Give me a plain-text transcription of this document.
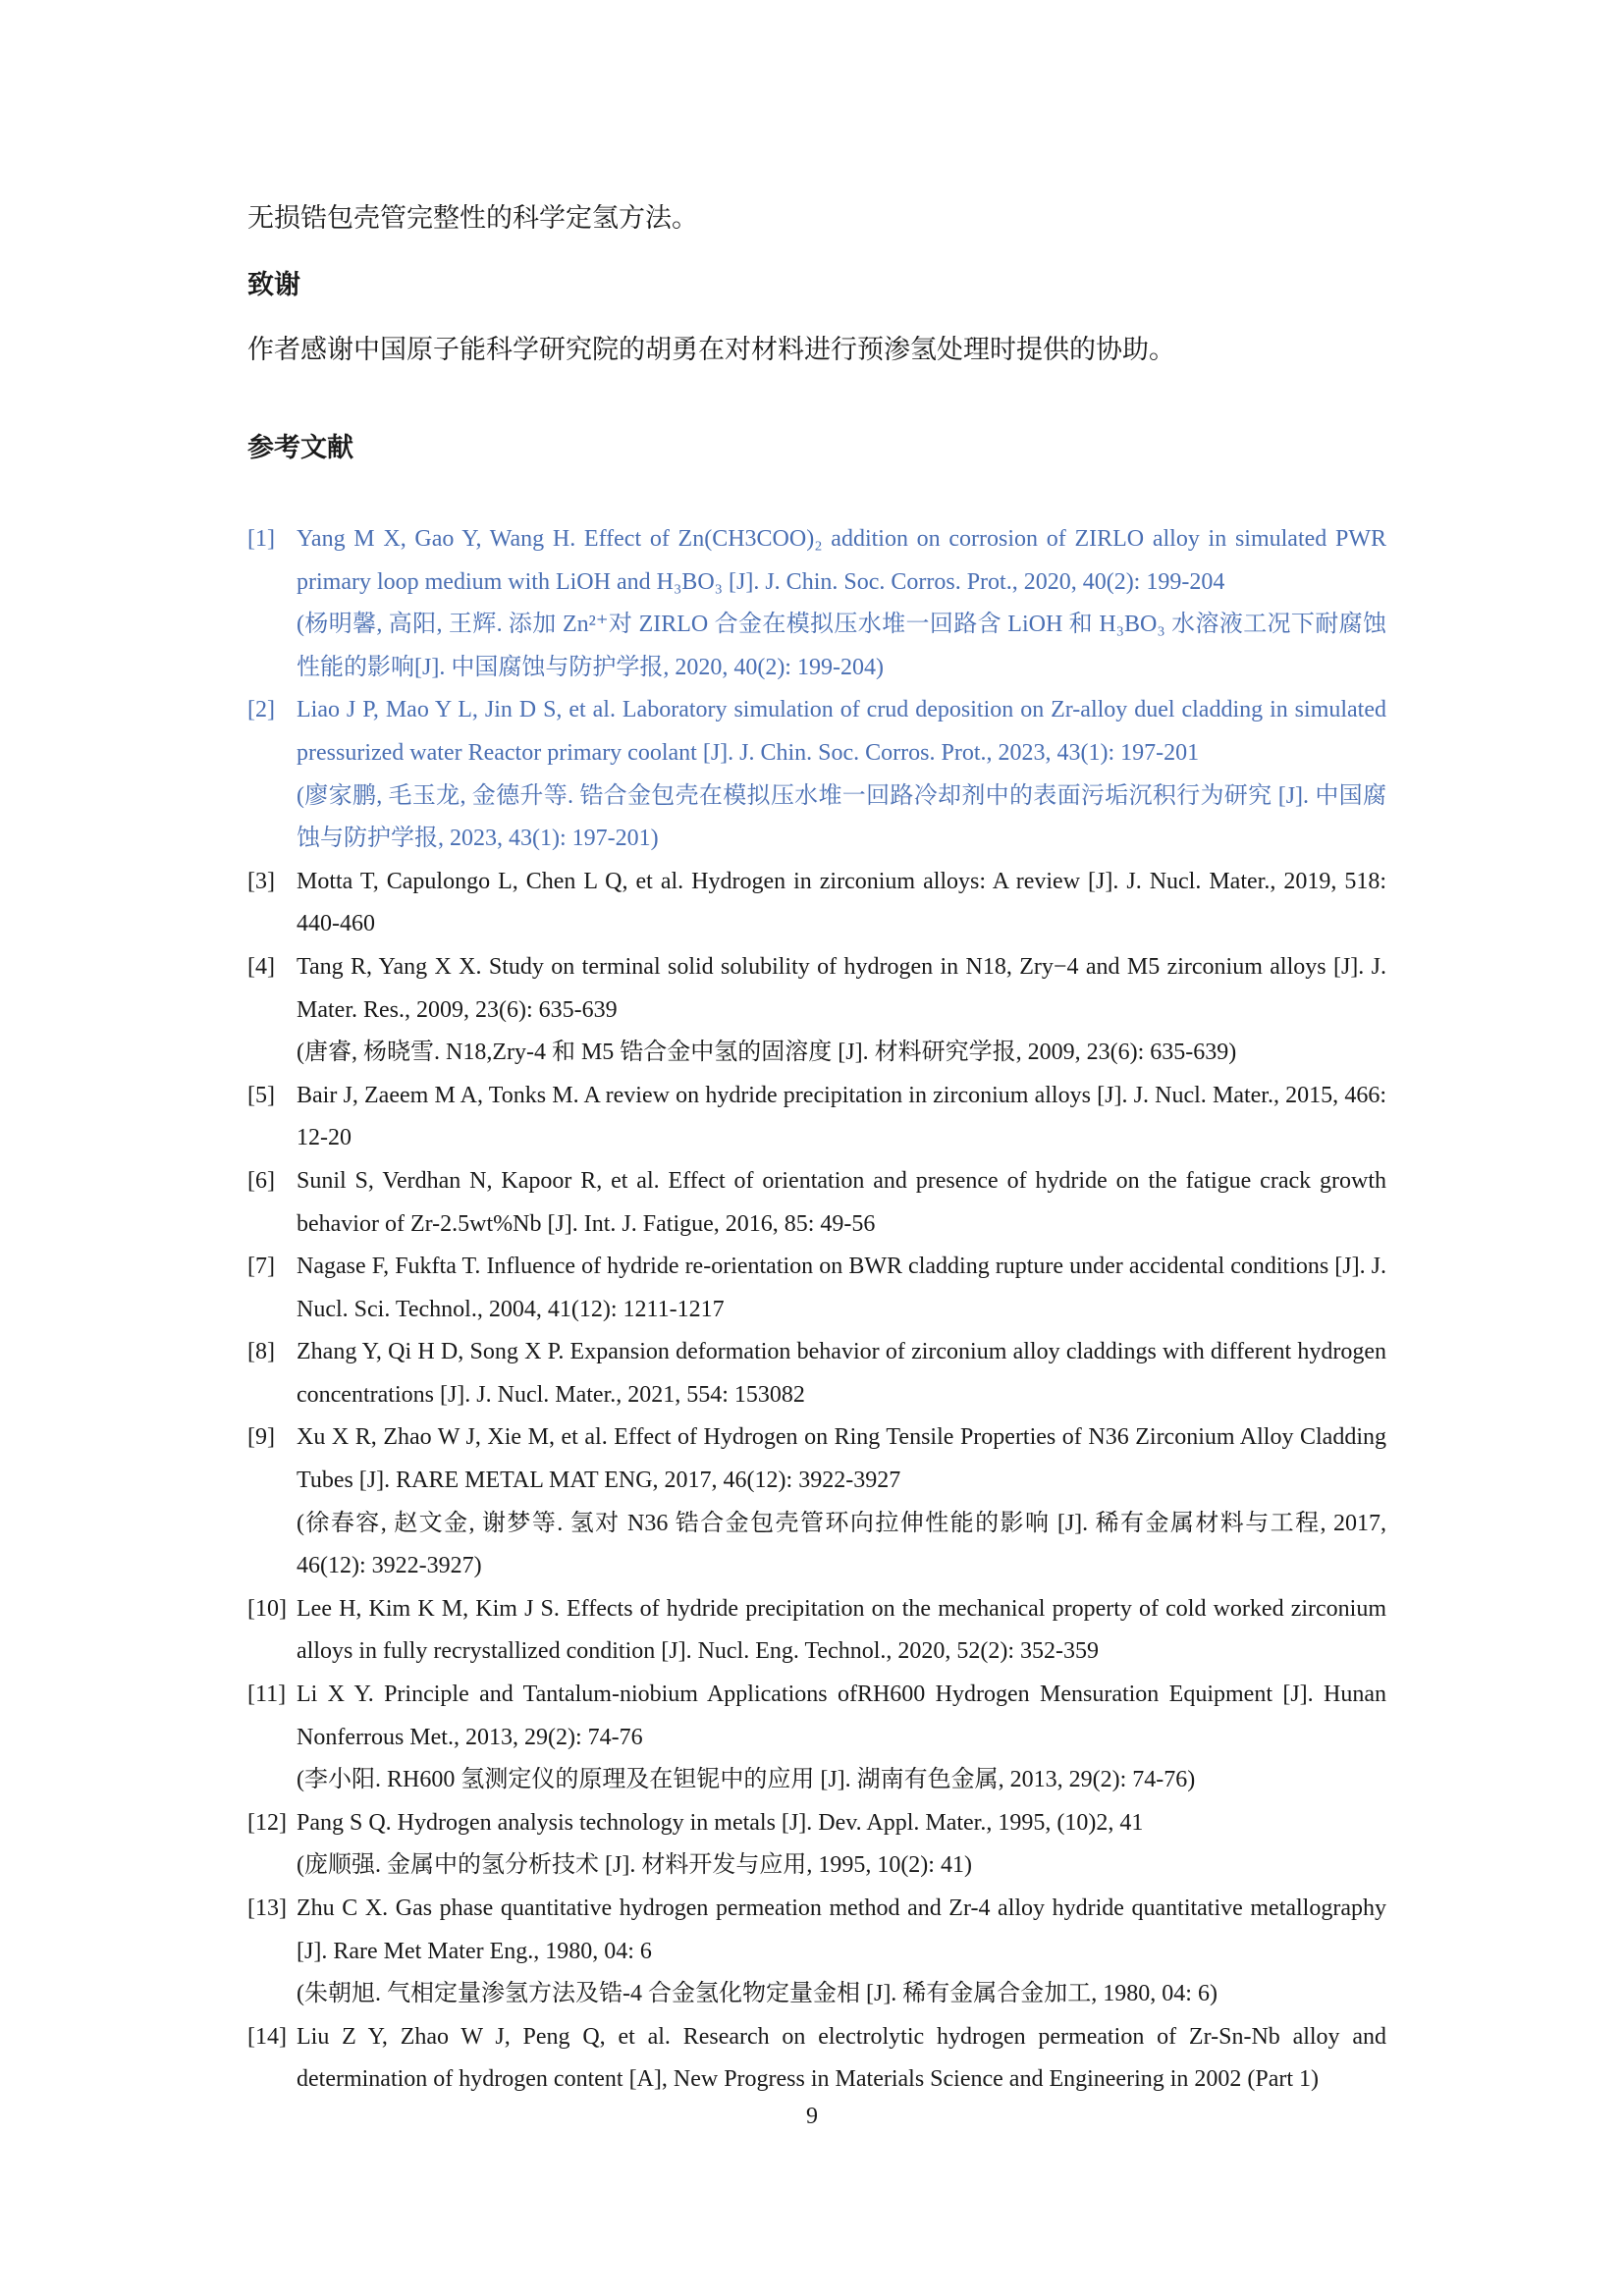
无损锆包壳管完整性的科学定氢方法。

致谢

作者感谢中国原子能科学研究院的胡勇在对材料进行预渗氢处理时提供的协助。

参考文献
[1] Yang M X, Gao Y, Wang H. Effect of Zn(CH3COO)₂ addition on corrosion of ZIRLO alloy in simulated PWR primary loop medium with LiOH and H₃BO₃ [J]. J. Chin. Soc. Corros. Prot., 2020, 40(2): 199-204
(杨明馨, 高阳, 王辉. 添加 Zn²⁺对 ZIRLO 合金在模拟压水堆一回路含 LiOH 和 H₃BO₃ 水溶液工况下耐腐蚀性能的影响[J]. 中国腐蚀与防护学报, 2020, 40(2): 199-204)
[2] Liao J P, Mao Y L, Jin D S, et al. Laboratory simulation of crud deposition on Zr-alloy duel cladding in simulated pressurized water Reactor primary coolant [J]. J. Chin. Soc. Corros. Prot., 2023, 43(1): 197-201
(廖家鹏, 毛玉龙, 金德升等. 锆合金包壳在模拟压水堆一回路冷却剂中的表面污垢沉积行为研究 [J]. 中国腐蚀与防护学报, 2023, 43(1): 197-201)
[3] Motta T, Capulongo L, Chen L Q, et al. Hydrogen in zirconium alloys: A review [J]. J. Nucl. Mater., 2019, 518: 440-460
[4] Tang R, Yang X X. Study on terminal solid solubility of hydrogen in N18, Zry−4 and M5 zirconium alloys [J]. J. Mater. Res., 2009, 23(6): 635-639
(唐睿, 杨晓雪. N18,Zry-4 和 M5 锆合金中氢的固溶度 [J]. 材料研究学报, 2009, 23(6): 635-639)
[5] Bair J, Zaeem M A, Tonks M. A review on hydride precipitation in zirconium alloys [J]. J. Nucl. Mater., 2015, 466: 12-20
[6] Sunil S, Verdhan N, Kapoor R, et al. Effect of orientation and presence of hydride on the fatigue crack growth behavior of Zr-2.5wt%Nb [J]. Int. J. Fatigue, 2016, 85: 49-56
[7] Nagase F, Fukfta T. Influence of hydride re-orientation on BWR cladding rupture under accidental conditions [J]. J. Nucl. Sci. Technol., 2004, 41(12): 1211-1217
[8] Zhang Y, Qi H D, Song X P. Expansion deformation behavior of zirconium alloy claddings with different hydrogen concentrations [J]. J. Nucl. Mater., 2021, 554: 153082
[9] Xu X R, Zhao W J, Xie M, et al. Effect of Hydrogen on Ring Tensile Properties of N36 Zirconium Alloy Cladding Tubes [J]. RARE METAL MAT ENG, 2017, 46(12): 3922-3927
(徐春容, 赵文金, 谢梦等. 氢对 N36 锆合金包壳管环向拉伸性能的影响 [J]. 稀有金属材料与工程, 2017, 46(12): 3922-3927)
[10] Lee H, Kim K M, Kim J S. Effects of hydride precipitation on the mechanical property of cold worked zirconium alloys in fully recrystallized condition [J]. Nucl. Eng. Technol., 2020, 52(2): 352-359
[11] Li X Y. Principle and Tantalum-niobium Applications ofRH600 Hydrogen Mensuration Equipment [J]. Hunan Nonferrous Met., 2013, 29(2): 74-76
(李小阳. RH600 氢测定仪的原理及在钽铌中的应用 [J]. 湖南有色金属, 2013, 29(2): 74-76)
[12] Pang S Q. Hydrogen analysis technology in metals [J]. Dev. Appl. Mater., 1995, (10)2, 41
(庞顺强. 金属中的氢分析技术 [J]. 材料开发与应用, 1995, 10(2): 41)
[13] Zhu C X. Gas phase quantitative hydrogen permeation method and Zr-4 alloy hydride quantitative metallography [J]. Rare Met Mater Eng., 1980, 04: 6
(朱朝旭. 气相定量渗氢方法及锆-4 合金氢化物定量金相 [J]. 稀有金属合金加工, 1980, 04: 6)
[14] Liu Z Y, Zhao W J, Peng Q, et al. Research on electrolytic hydrogen permeation of Zr-Sn-Nb alloy and determination of hydrogen content [A], New Progress in Materials Science and Engineering in 2002 (Part 1)
9
